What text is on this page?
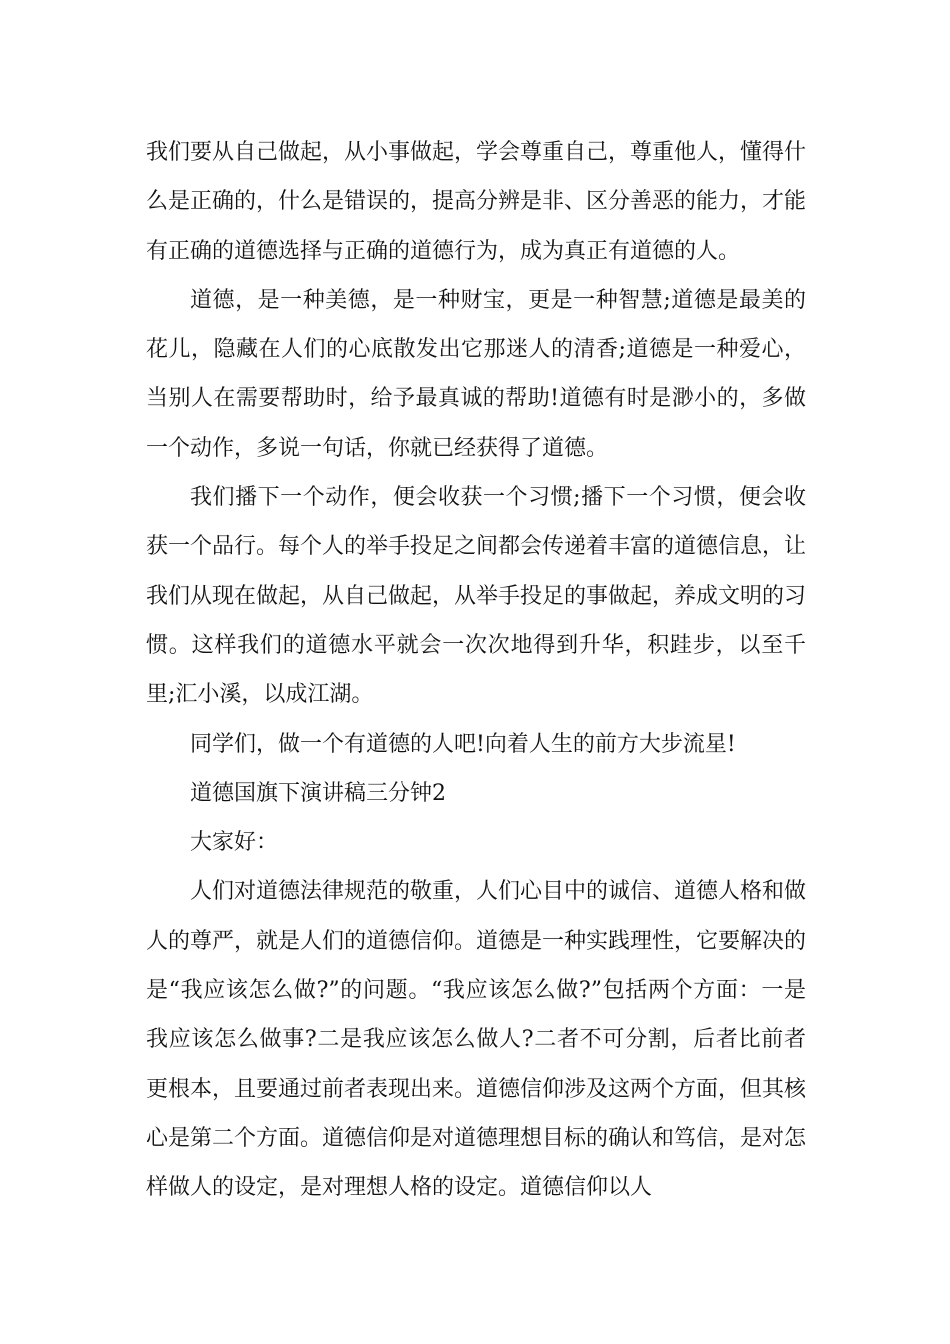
我们要从自己做起，从小事做起，学会尊重自己，尊重他人，懂得什么是正确的，什么是错误的，提高分辨是非、区分善恶的能力，才能有正确的道德选择与正确的道德行为，成为真正有道德的人。

道德，是一种美德，是一种财宝，更是一种智慧;道德是最美的花儿，隐藏在人们的心底散发出它那迷人的清香;道德是一种爱心，当别人在需要帮助时，给予最真诚的帮助!道德有时是渺小的，多做一个动作，多说一句话，你就已经获得了道德。

我们播下一个动作，便会收获一个习惯;播下一个习惯，便会收获一个品行。每个人的举手投足之间都会传递着丰富的道德信息，让我们从现在做起，从自己做起，从举手投足的事做起，养成文明的习惯。这样我们的道德水平就会一次次地得到升华，积跬步，以至千里;汇小溪，以成江湖。

同学们，做一个有道德的人吧!向着人生的前方大步流星!

道德国旗下演讲稿三分钟2

大家好：

人们对道德法律规范的敬重，人们心目中的诚信、道德人格和做人的尊严，就是人们的道德信仰。道德是一种实践理性，它要解决的是“我应该怎么做?”的问题。“我应该怎么做?”包括两个方面：一是我应该怎么做事?二是我应该怎么做人?二者不可分割，后者比前者更根本，且要通过前者表现出来。道德信仰涉及这两个方面，但其核心是第二个方面。道德信仰是对道德理想目标的确认和笃信，是对怎样做人的设定，是对理想人格的设定。道德信仰以人
